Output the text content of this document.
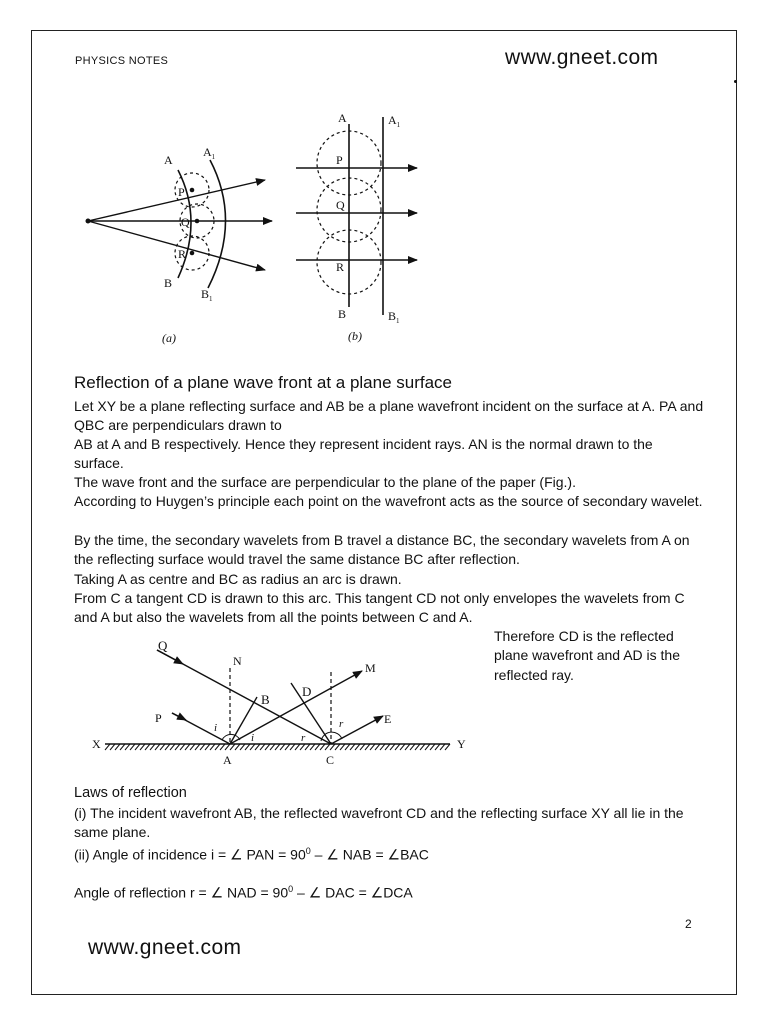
PHYSICS NOTES	www.gneet.com
A
$A_1$
P
Q
R
B
$B_1$
(a)
A	$A_1$
P
Q
R
B	$B_1$
(b)
Reflection of a plane wave front at a plane surface
Let XY be a plane reflecting surface and AB be a plane wavefront incident on the surface at A. PA and QBC are perpendiculars drawn to
AB at A and B respectively. Hence they represent incident rays. AN is the normal drawn to the surface.
The wave front and the surface are perpendicular to the plane of the paper (Fig.).
According to Huygen’s principle each point on the wavefront acts as the source of secondary wavelet.
By the time, the secondary wavelets from B travel a distance BC, the secondary wavelets from A on the reflecting surface would travel the same distance BC after reflection.
Taking A as centre and BC as radius an arc is drawn.
From C a tangent CD is drawn to this arc. This tangent CD not only envelopes the wavelets from C and A but also the wavelets from all the points between C and A.
Therefore CD is the reflected plane wavefront and AD is the reflected ray.
Q
N	M
B
D
P	E
i
i	r
r
X	Y
A	C
Laws of reflection
(i) The incident wavefront AB, the reflected wavefront CD and the reflecting surface XY all lie in the same plane.
(ii) Angle of incidence i = ∠ PAN = $90^0$ – ∠ NAB = ∠BAC
Angle of reflection r = ∠ NAD = $90^0$ – ∠ DAC = ∠DCA
2
www.gneet.com
